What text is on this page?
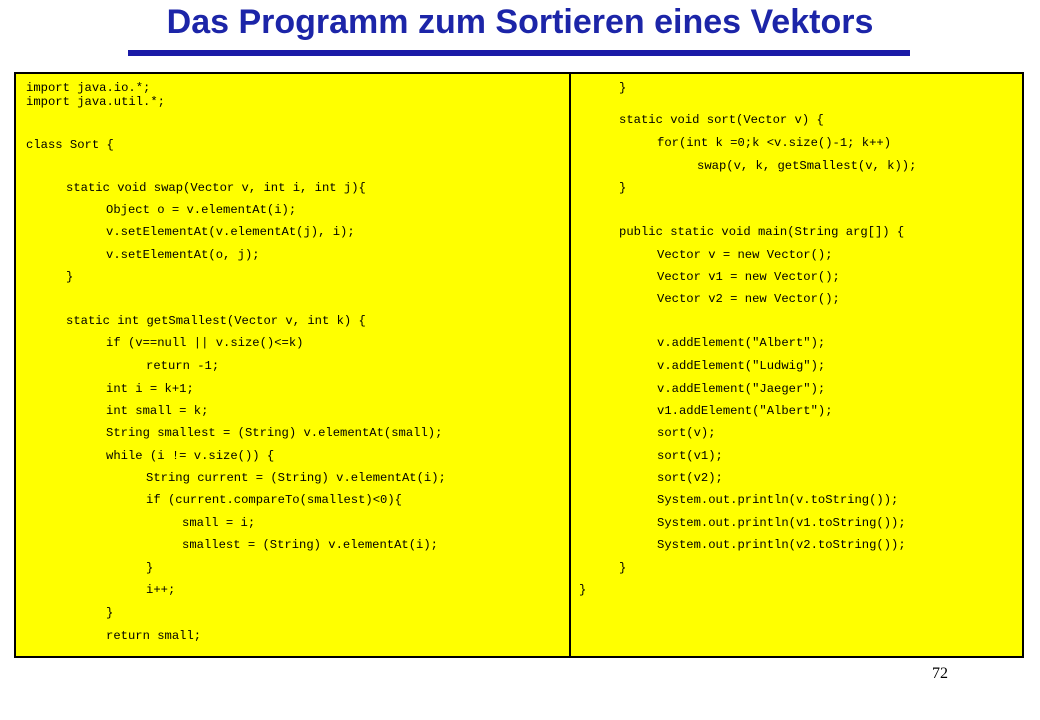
Das Programm zum Sortieren eines Vektors
import java.io.*;
import java.util.*;
class Sort {
static void swap(Vector v, int i, int j){
Object o = v.elementAt(i);
v.setElementAt(v.elementAt(j), i);
v.setElementAt(o, j);
}
static int getSmallest(Vector v, int k) {
if (v==null || v.size()<=k)
return -1;
int i = k+1;
int small = k;
String smallest = (String) v.elementAt(small);
while (i != v.size()) {
String current = (String) v.elementAt(i);
if (current.compareTo(smallest)<0){
small = i;
smallest = (String) v.elementAt(i);
}
i++;
}
return small;
}
static void sort(Vector v) {
for(int k =0;k <v.size()-1; k++)
swap(v, k, getSmallest(v, k));
}
public static void main(String arg[]) {
Vector v = new Vector();
Vector v1 = new Vector();
Vector v2 = new Vector();
v.addElement("Albert");
v.addElement("Ludwig");
v.addElement("Jaeger");
v1.addElement("Albert");
sort(v);
sort(v1);
sort(v2);
System.out.println(v.toString());
System.out.println(v1.toString());
System.out.println(v2.toString());
}
}
72
